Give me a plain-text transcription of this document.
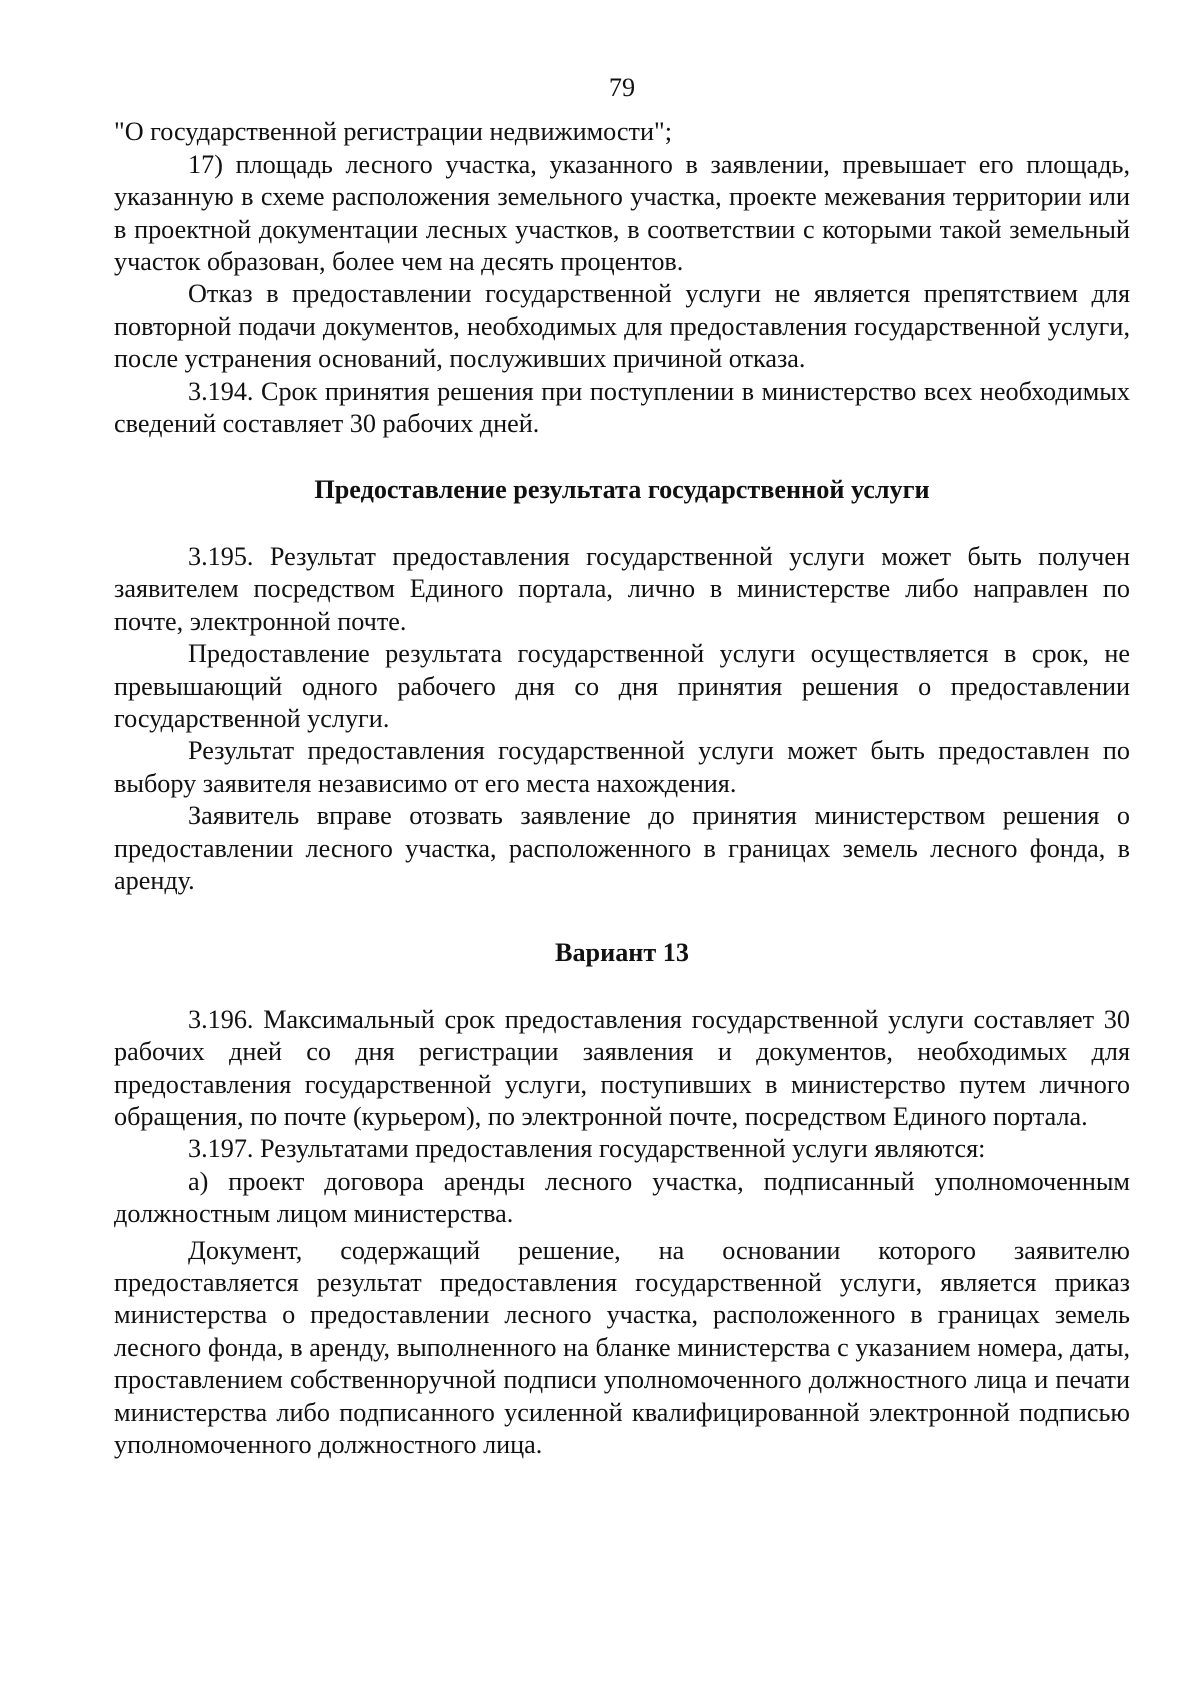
79

"О государственной регистрации недвижимости";

17) площадь лесного участка, указанного в заявлении, превышает его площадь, указанную в схеме расположения земельного участка, проекте межевания территории или в проектной документации лесных участков, в соответствии с которыми такой земельный участок образован, более чем на десять процентов.

Отказ в предоставлении государственной услуги не является препятствием для повторной подачи документов, необходимых для предоставления государственной услуги, после устранения оснований, послуживших причиной отказа.

3.194. Срок принятия решения при поступлении в министерство всех необходимых сведений составляет 30 рабочих дней.

Предоставление результата государственной услуги

3.195. Результат предоставления государственной услуги может быть получен заявителем посредством Единого портала, лично в министерстве либо направлен по почте, электронной почте.

Предоставление результата государственной услуги осуществляется в срок, не превышающий одного рабочего дня со дня принятия решения о предоставлении государственной услуги.

Результат предоставления государственной услуги может быть предоставлен по выбору заявителя независимо от его места нахождения.

Заявитель вправе отозвать заявление до принятия министерством решения о предоставлении лесного участка, расположенного в границах земель лесного фонда, в аренду.

Вариант 13

3.196. Максимальный срок предоставления государственной услуги составляет 30 рабочих дней со дня регистрации заявления и документов, необходимых для предоставления государственной услуги, поступивших в министерство путем личного обращения, по почте (курьером), по электронной почте, посредством Единого портала.

3.197. Результатами предоставления государственной услуги являются:

а) проект договора аренды лесного участка, подписанный уполномоченным должностным лицом министерства.

Документ, содержащий решение, на основании которого заявителю предоставляется результат предоставления государственной услуги, является приказ министерства о предоставлении лесного участка, расположенного в границах земель лесного фонда, в аренду, выполненного на бланке министерства с указанием номера, даты, проставлением собственноручной подписи уполномоченного должностного лица и печати министерства либо подписанного усиленной квалифицированной электронной подписью уполномоченного должностного лица.
